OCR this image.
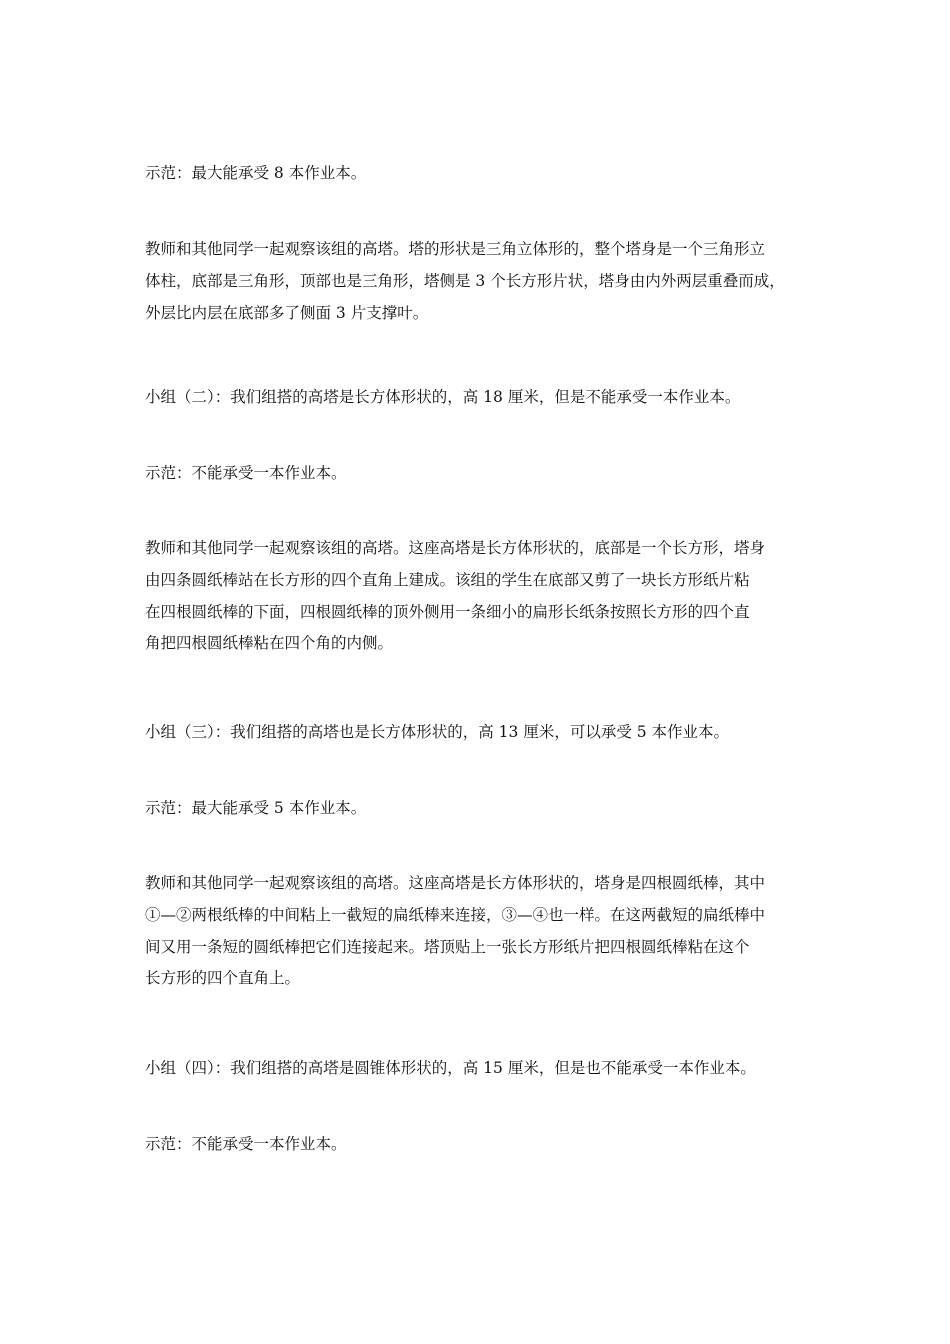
示范：最大能承受 8 本作业本。

教师和其他同学一起观察该组的高塔。塔的形状是三角立体形的，整个塔身是一个三角形立
体柱，底部是三角形，顶部也是三角形，塔侧是 3 个长方形片状，塔身由内外两层重叠而成，
外层比内层在底部多了侧面 3 片支撑叶。

小组（二）：我们组搭的高塔是长方体形状的，高 18 厘米，但是不能承受一本作业本。

示范：不能承受一本作业本。

教师和其他同学一起观察该组的高塔。这座高塔是长方体形状的，底部是一个长方形，塔身
由四条圆纸棒站在长方形的四个直角上建成。该组的学生在底部又剪了一块长方形纸片粘
在四根圆纸棒的下面，四根圆纸棒的顶外侧用一条细小的扁形长纸条按照长方形的四个直
角把四根圆纸棒粘在四个角的内侧。

小组（三）：我们组搭的高塔也是长方体形状的，高 13 厘米，可以承受 5 本作业本。

示范：最大能承受 5 本作业本。

教师和其他同学一起观察该组的高塔。这座高塔是长方体形状的，塔身是四根圆纸棒，其中
①—②两根纸棒的中间粘上一截短的扁纸棒来连接，③—④也一样。在这两截短的扁纸棒中
间又用一条短的圆纸棒把它们连接起来。塔顶贴上一张长方形纸片把四根圆纸棒粘在这个
长方形的四个直角上。

小组（四）：我们组搭的高塔是圆锥体形状的，高 15 厘米，但是也不能承受一本作业本。

示范：不能承受一本作业本。
